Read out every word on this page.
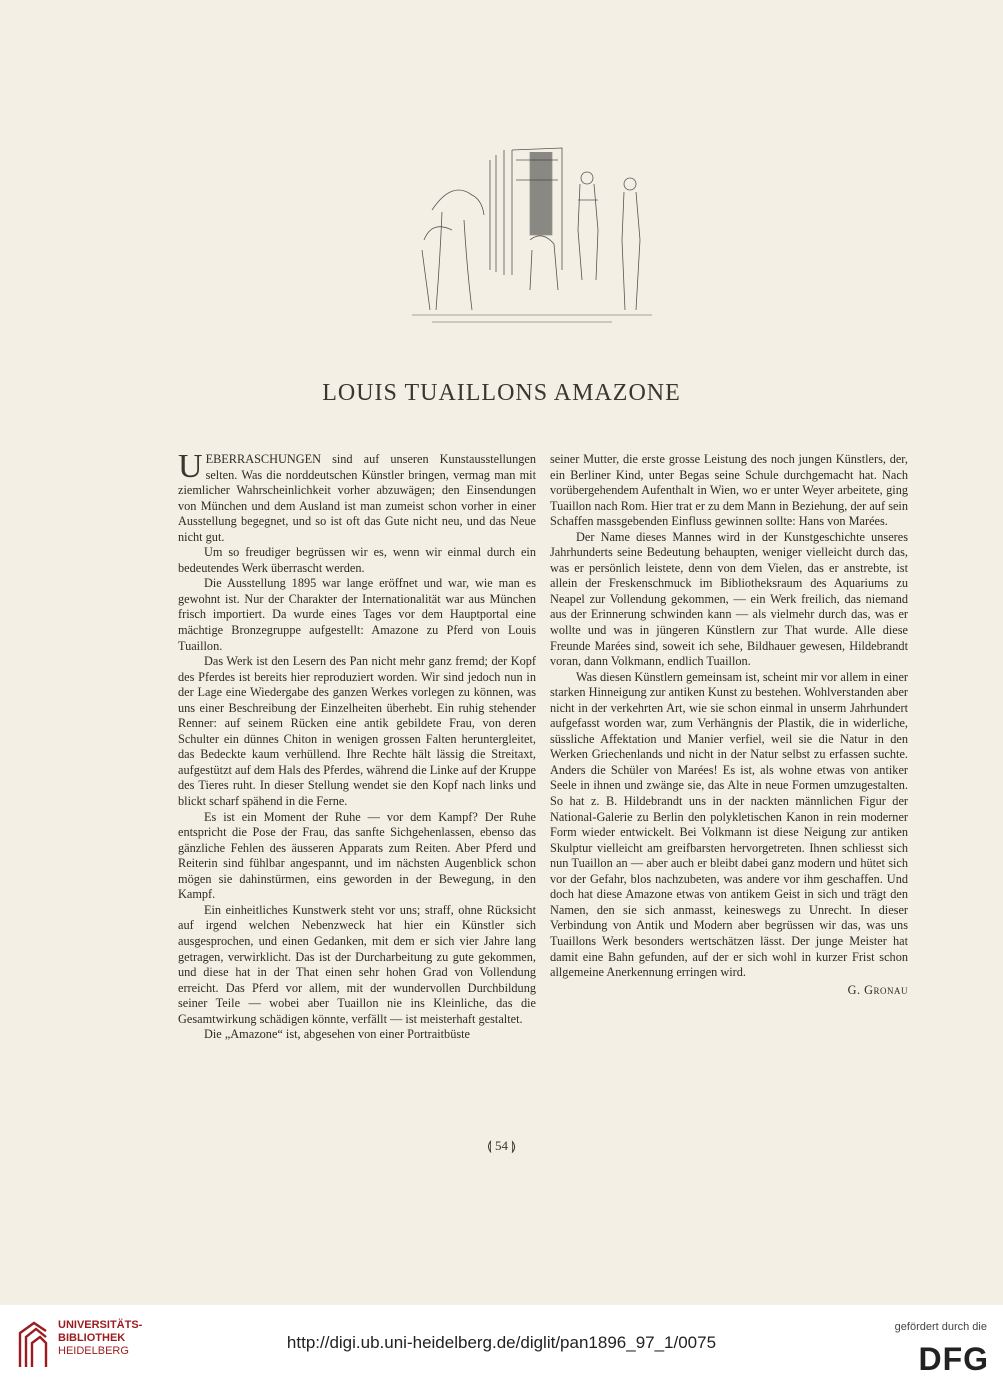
LOUIS TUAILLONS AMAZONE

UEBERRASCHUNGEN sind auf unseren Kunstausstellungen selten. Was die norddeutschen Künstler bringen, vermag man mit ziemlicher Wahrscheinlichkeit vorher abzuwägen; den Einsendungen von München und dem Ausland ist man zumeist schon vorher in einer Ausstellung begegnet, und so ist oft das Gute nicht neu, und das Neue nicht gut.

Um so freudiger begrüssen wir es, wenn wir einmal durch ein bedeutendes Werk überrascht werden.

Die Ausstellung 1895 war lange eröffnet und war, wie man es gewohnt ist. Nur der Charakter der Internationalität war aus München frisch importiert. Da wurde eines Tages vor dem Hauptportal eine mächtige Bronzegruppe aufgestellt: Amazone zu Pferd von Louis Tuaillon.

Das Werk ist den Lesern des Pan nicht mehr ganz fremd; der Kopf des Pferdes ist bereits hier reproduziert worden. Wir sind jedoch nun in der Lage eine Wiedergabe des ganzen Werkes vorlegen zu können, was uns einer Beschreibung der Einzelheiten überhebt. Ein ruhig stehender Renner: auf seinem Rücken eine antik gebildete Frau, von deren Schulter ein dünnes Chiton in wenigen grossen Falten heruntergleitet, das Bedeckte kaum verhüllend. Ihre Rechte hält lässig die Streitaxt, aufgestützt auf dem Hals des Pferdes, während die Linke auf der Kruppe des Tieres ruht. In dieser Stellung wendet sie den Kopf nach links und blickt scharf spähend in die Ferne.

Es ist ein Moment der Ruhe — vor dem Kampf? Der Ruhe entspricht die Pose der Frau, das sanfte Sichgehenlassen, ebenso das gänzliche Fehlen des äusseren Apparats zum Reiten. Aber Pferd und Reiterin sind fühlbar angespannt, und im nächsten Augenblick schon mögen sie dahinstürmen, eins geworden in der Bewegung, in den Kampf.

Ein einheitliches Kunstwerk steht vor uns; straff, ohne Rücksicht auf irgend welchen Nebenzweck hat hier ein Künstler sich ausgesprochen, und einen Gedanken, mit dem er sich vier Jahre lang getragen, verwirklicht. Das ist der Durcharbeitung zu gute gekommen, und diese hat in der That einen sehr hohen Grad von Vollendung erreicht. Das Pferd vor allem, mit der wundervollen Durchbildung seiner Teile — wobei aber Tuaillon nie ins Kleinliche, das die Gesamtwirkung schädigen könnte, verfällt — ist meisterhaft gestaltet.

Die „Amazone“ ist, abgesehen von einer Portraitbüste

seiner Mutter, die erste grosse Leistung des noch jungen Künstlers, der, ein Berliner Kind, unter Begas seine Schule durchgemacht hat. Nach vorübergehendem Aufenthalt in Wien, wo er unter Weyer arbeitete, ging Tuaillon nach Rom. Hier trat er zu dem Mann in Beziehung, der auf sein Schaffen massgebenden Einfluss gewinnen sollte: Hans von Marées.

Der Name dieses Mannes wird in der Kunstgeschichte unseres Jahrhunderts seine Bedeutung behaupten, weniger vielleicht durch das, was er persönlich leistete, denn von dem Vielen, das er anstrebte, ist allein der Freskenschmuck im Bibliotheksraum des Aquariums zu Neapel zur Vollendung gekommen, — ein Werk freilich, das niemand aus der Erinnerung schwinden kann — als vielmehr durch das, was er wollte und was in jüngeren Künstlern zur That wurde. Alle diese Freunde Marées sind, soweit ich sehe, Bildhauer gewesen, Hildebrandt voran, dann Volkmann, endlich Tuaillon.

Was diesen Künstlern gemeinsam ist, scheint mir vor allem in einer starken Hinneigung zur antiken Kunst zu bestehen. Wohlverstanden aber nicht in der verkehrten Art, wie sie schon einmal in unserm Jahrhundert aufgefasst worden war, zum Verhängnis der Plastik, die in widerliche, süssliche Affektation und Manier verfiel, weil sie die Natur in den Werken Griechenlands und nicht in der Natur selbst zu erfassen suchte. Anders die Schüler von Marées! Es ist, als wohne etwas von antiker Seele in ihnen und zwänge sie, das Alte in neue Formen umzugestalten. So hat z. B. Hildebrandt uns in der nackten männlichen Figur der National-Galerie zu Berlin den polykletischen Kanon in rein moderner Form wieder entwickelt. Bei Volkmann ist diese Neigung zur antiken Skulptur vielleicht am greifbarsten hervorgetreten. Ihnen schliesst sich nun Tuaillon an — aber auch er bleibt dabei ganz modern und hütet sich vor der Gefahr, blos nachzubeten, was andere vor ihm geschaffen. Und doch hat diese Amazone etwas von antikem Geist in sich und trägt den Namen, den sie sich anmasst, keineswegs zu Unrecht. In dieser Verbindung von Antik und Modern aber begrüssen wir das, was uns Tuaillons Werk besonders wertschätzen lässt. Der junge Meister hat damit eine Bahn gefunden, auf der er sich wohl in kurzer Frist schon allgemeine Anerkennung erringen wird.

G. Gronau
⟬ 54 ⟭
UNIVERSITÄTS-
BIBLIOTHEK
HEIDELBERG	http://digi.ub.uni-heidelberg.de/diglit/pan1896_97_1/0075
gefördert durch die
DFG
